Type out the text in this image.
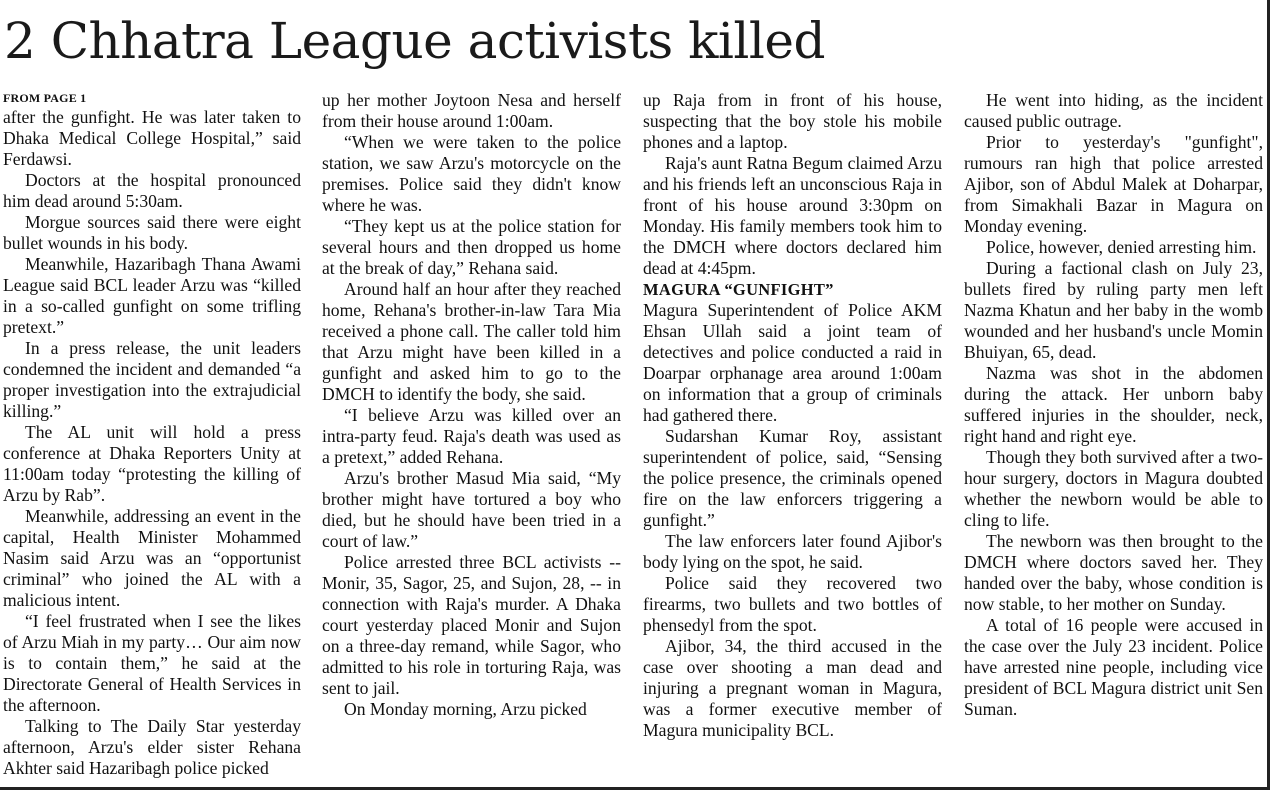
2 Chhatra League activists killed
FROM PAGE 1

after the gunfight. He was later taken to Dhaka Medical College Hospital,” said Ferdawsi.

Doctors at the hospital pronounced him dead around 5:30am.

Morgue sources said there were eight bullet wounds in his body.

Meanwhile, Hazaribagh Thana Awami League said BCL leader Arzu was “killed in a so-called gunfight on some trifling pretext.”

In a press release, the unit leaders condemned the incident and demanded “a proper investigation into the extrajudicial killing.”

The AL unit will hold a press conference at Dhaka Reporters Unity at 11:00am today “protesting the killing of Arzu by Rab”.

Meanwhile, addressing an event in the capital, Health Minister Mohammed Nasim said Arzu was an “opportunist criminal” who joined the AL with a malicious intent.

“I feel frustrated when I see the likes of Arzu Miah in my party… Our aim now is to contain them,” he said at the Directorate General of Health Services in the afternoon.

Talking to The Daily Star yesterday afternoon, Arzu's elder sister Rehana Akhter said Hazaribagh police picked

up her mother Joytoon Nesa and herself from their house around 1:00am.

“When we were taken to the police station, we saw Arzu's motorcycle on the premises. Police said they didn't know where he was.

“They kept us at the police station for several hours and then dropped us home at the break of day,” Rehana said.

Around half an hour after they reached home, Rehana's brother-in-law Tara Mia received a phone call. The caller told him that Arzu might have been killed in a gunfight and asked him to go to the DMCH to identify the body, she said.

“I believe Arzu was killed over an intra-party feud. Raja's death was used as a pretext,” added Rehana.

Arzu's brother Masud Mia said, “My brother might have tortured a boy who died, but he should have been tried in a court of law.”

Police arrested three BCL activists -- Monir, 35, Sagor, 25, and Sujon, 28, -- in connection with Raja's murder. A Dhaka court yesterday placed Monir and Sujon on a three-day remand, while Sagor, who admitted to his role in torturing Raja, was sent to jail.

On Monday morning, Arzu picked

up Raja from in front of his house, suspecting that the boy stole his mobile phones and a laptop.

Raja's aunt Ratna Begum claimed Arzu and his friends left an unconscious Raja in front of his house around 3:30pm on Monday. His family members took him to the DMCH where doctors declared him dead at 4:45pm.

MAGURA “GUNFIGHT”

Magura Superintendent of Police AKM Ehsan Ullah said a joint team of detectives and police conducted a raid in Doarpar orphanage area around 1:00am on information that a group of criminals had gathered there.

Sudarshan Kumar Roy, assistant superintendent of police, said, “Sensing the police presence, the criminals opened fire on the law enforcers triggering a gunfight.”

The law enforcers later found Ajibor's body lying on the spot, he said.

Police said they recovered two firearms, two bullets and two bottles of phensedyl from the spot.

Ajibor, 34, the third accused in the case over shooting a man dead and injuring a pregnant woman in Magura, was a former executive member of Magura municipality BCL.

He went into hiding, as the incident caused public outrage.

Prior to yesterday's "gunfight", rumours ran high that police arrested Ajibor, son of Abdul Malek at Doharpar, from Simakhali Bazar in Magura on Monday evening.

Police, however, denied arresting him.

During a factional clash on July 23, bullets fired by ruling party men left Nazma Khatun and her baby in the womb wounded and her husband's uncle Momin Bhuiyan, 65, dead.

Nazma was shot in the abdomen during the attack. Her unborn baby suffered injuries in the shoulder, neck, right hand and right eye.

Though they both survived after a two-hour surgery, doctors in Magura doubted whether the newborn would be able to cling to life.

The newborn was then brought to the DMCH where doctors saved her. They handed over the baby, whose condition is now stable, to her mother on Sunday.

A total of 16 people were accused in the case over the July 23 incident. Police have arrested nine people, including vice president of BCL Magura district unit Sen Suman.
